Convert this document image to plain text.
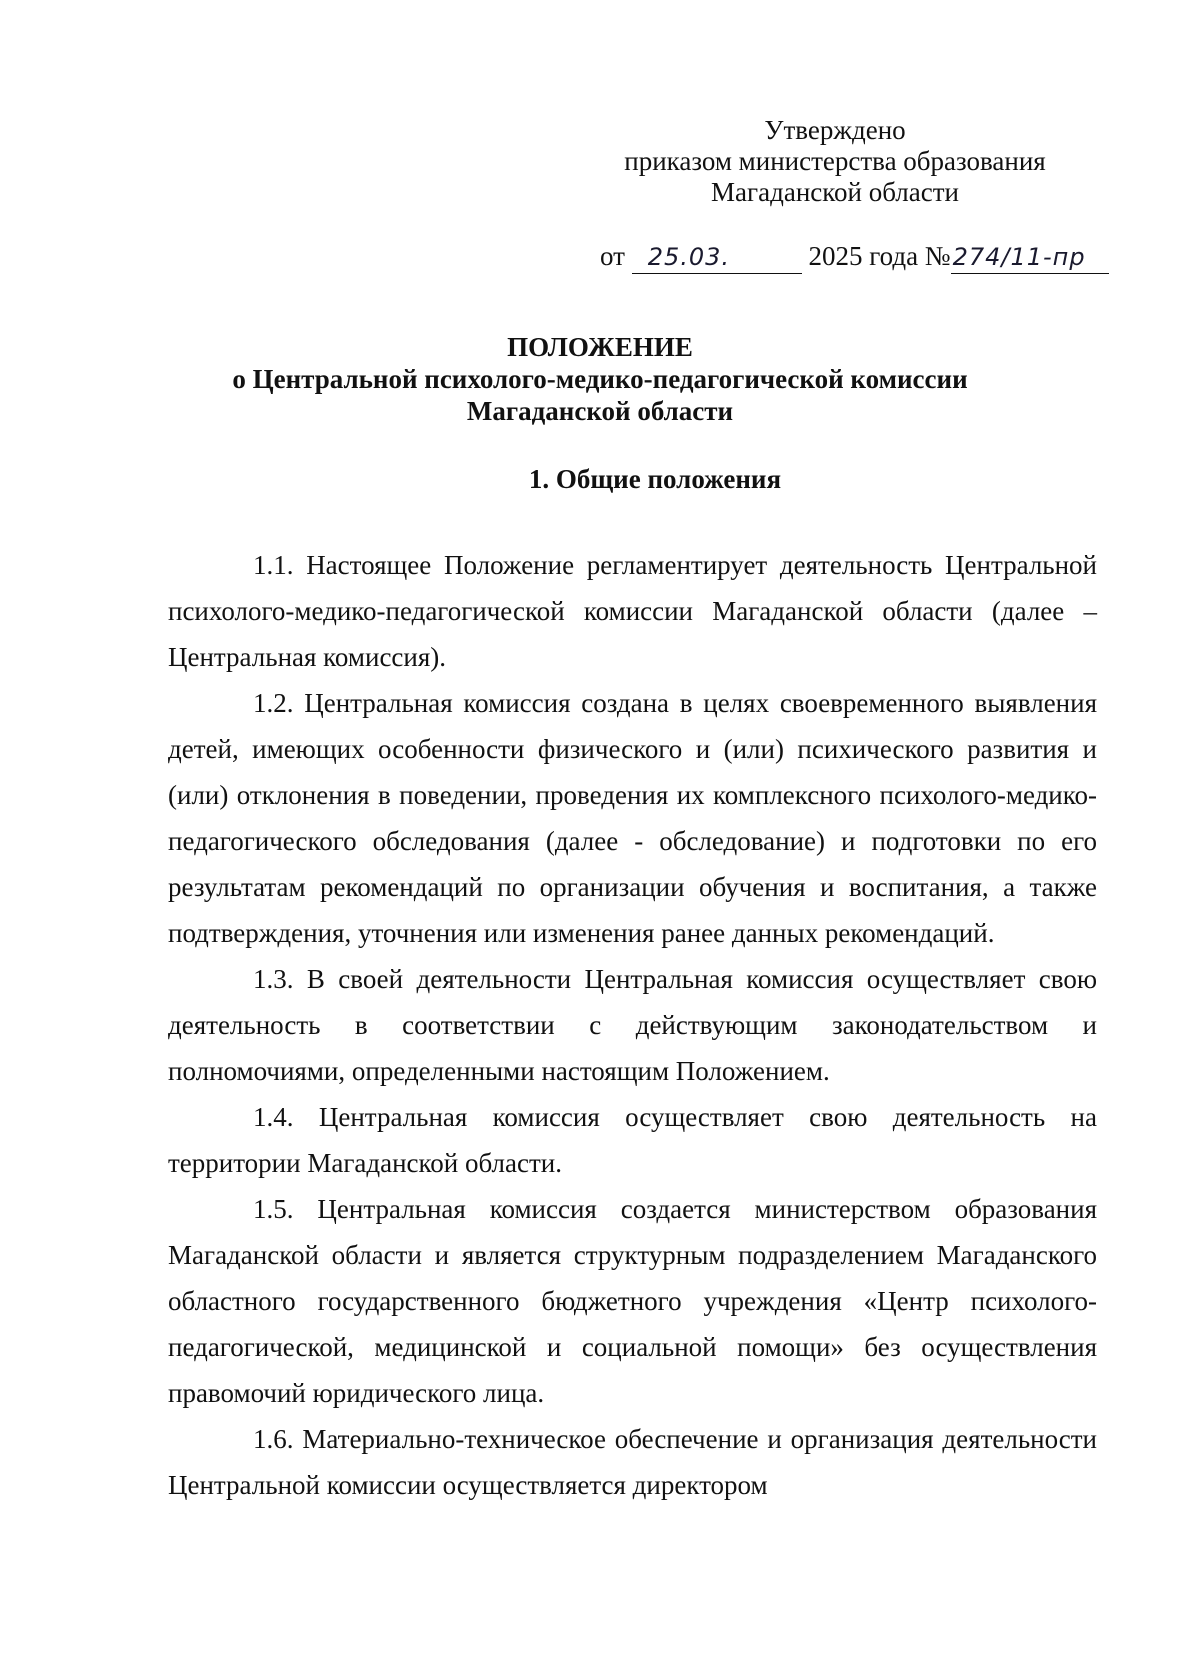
Утверждено
приказом министерства образования
Магаданской области
от 25.03.	2025 года №274/11-пр
ПОЛОЖЕНИЕ
о Центральной психолого-медико-педагогической комиссии
Магаданской области
1. Общие положения

1.1. Настоящее Положение регламентирует деятельность Центральной психолого-медико-педагогической комиссии Магаданской области (далее – Центральная комиссия).

1.2. Центральная комиссия создана в целях своевременного выявления детей, имеющих особенности физического и (или) психического развития и (или) отклонения в поведении, проведения их комплексного психолого-медико-педагогического обследования (далее - обследование) и подготовки по его результатам рекомендаций по организации обучения и воспитания, а также подтверждения, уточнения или изменения ранее данных рекомендаций.

1.3. В своей деятельности Центральная комиссия осуществляет свою деятельность в соответствии с действующим законодательством и полномочиями, определенными настоящим Положением.

1.4. Центральная комиссия осуществляет свою деятельность на территории Магаданской области.

1.5. Центральная комиссия создается министерством образования Магаданской области и является структурным подразделением Магаданского областного государственного бюджетного учреждения «Центр психолого-педагогической, медицинской и социальной помощи» без осуществления правомочий юридического лица.

1.6. Материально-техническое обеспечение и организация деятельности Центральной комиссии осуществляется директором
